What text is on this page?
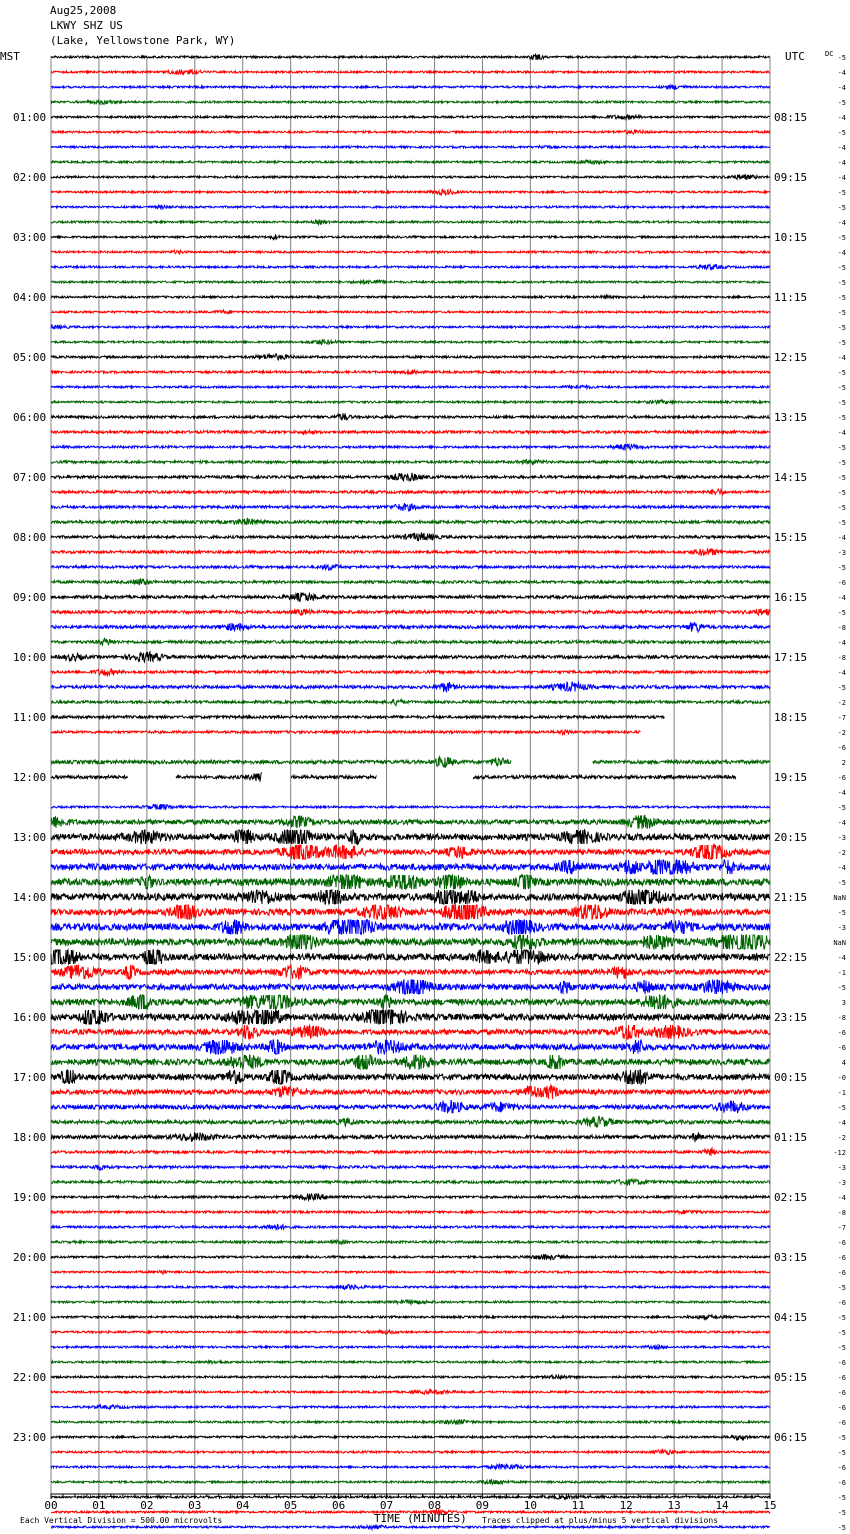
00	01	02	03	04	05	06	07	08	09	10	11	12	13	14	15
01:00	08:15
02:00	09:15
03:00	10:15
04:00	11:15
05:00	12:15
06:00	13:15
07:00	14:15
08:00	15:15
09:00	16:15
10:00	17:15
11:00	18:15
12:00	19:15
13:00	20:15
14:00	21:15
15:00	22:15
16:00	23:15
17:00	00:15
18:00	01:15
19:00	02:15
20:00	03:15
21:00	04:15
22:00	05:15
23:00	06:15
-5
-4
-4
-5
-4
-5
-4
-4
-4
-5
-5
-4
-5
-4
-5
-5
-5
-5
-5
-5
-4
-5
-5
-5
-5
-4
-5
-5
-5
-5
-5
-5
-4
-3
-5
-6
-4
-5
-8
-4
-8
-4
-5
-2
-7
-2
-6
2
-6
-4
-5
-4
-3
-2
-4
-5
NaN
-5
-3
NaN
-4
-1
-5
3
-8
-6
-6
4
-0
-1
-5
-4
-2
-12
-3
-3
-4
-8
-7
-6
-6
-6
-5
-6
-5
-5
-5
-6
-6
-6
-6
-6
-5
-5
-6
-6
-5
-5
-5
Aug25,2008
LKWY SHZ US
(Lake, Yellowstone Park, WY)
MST	UTC	DC
Each Vertical Division = 500.00 microvolts	TIME (MINUTES) Traces clipped at plus/minus 5 vertical divisions
